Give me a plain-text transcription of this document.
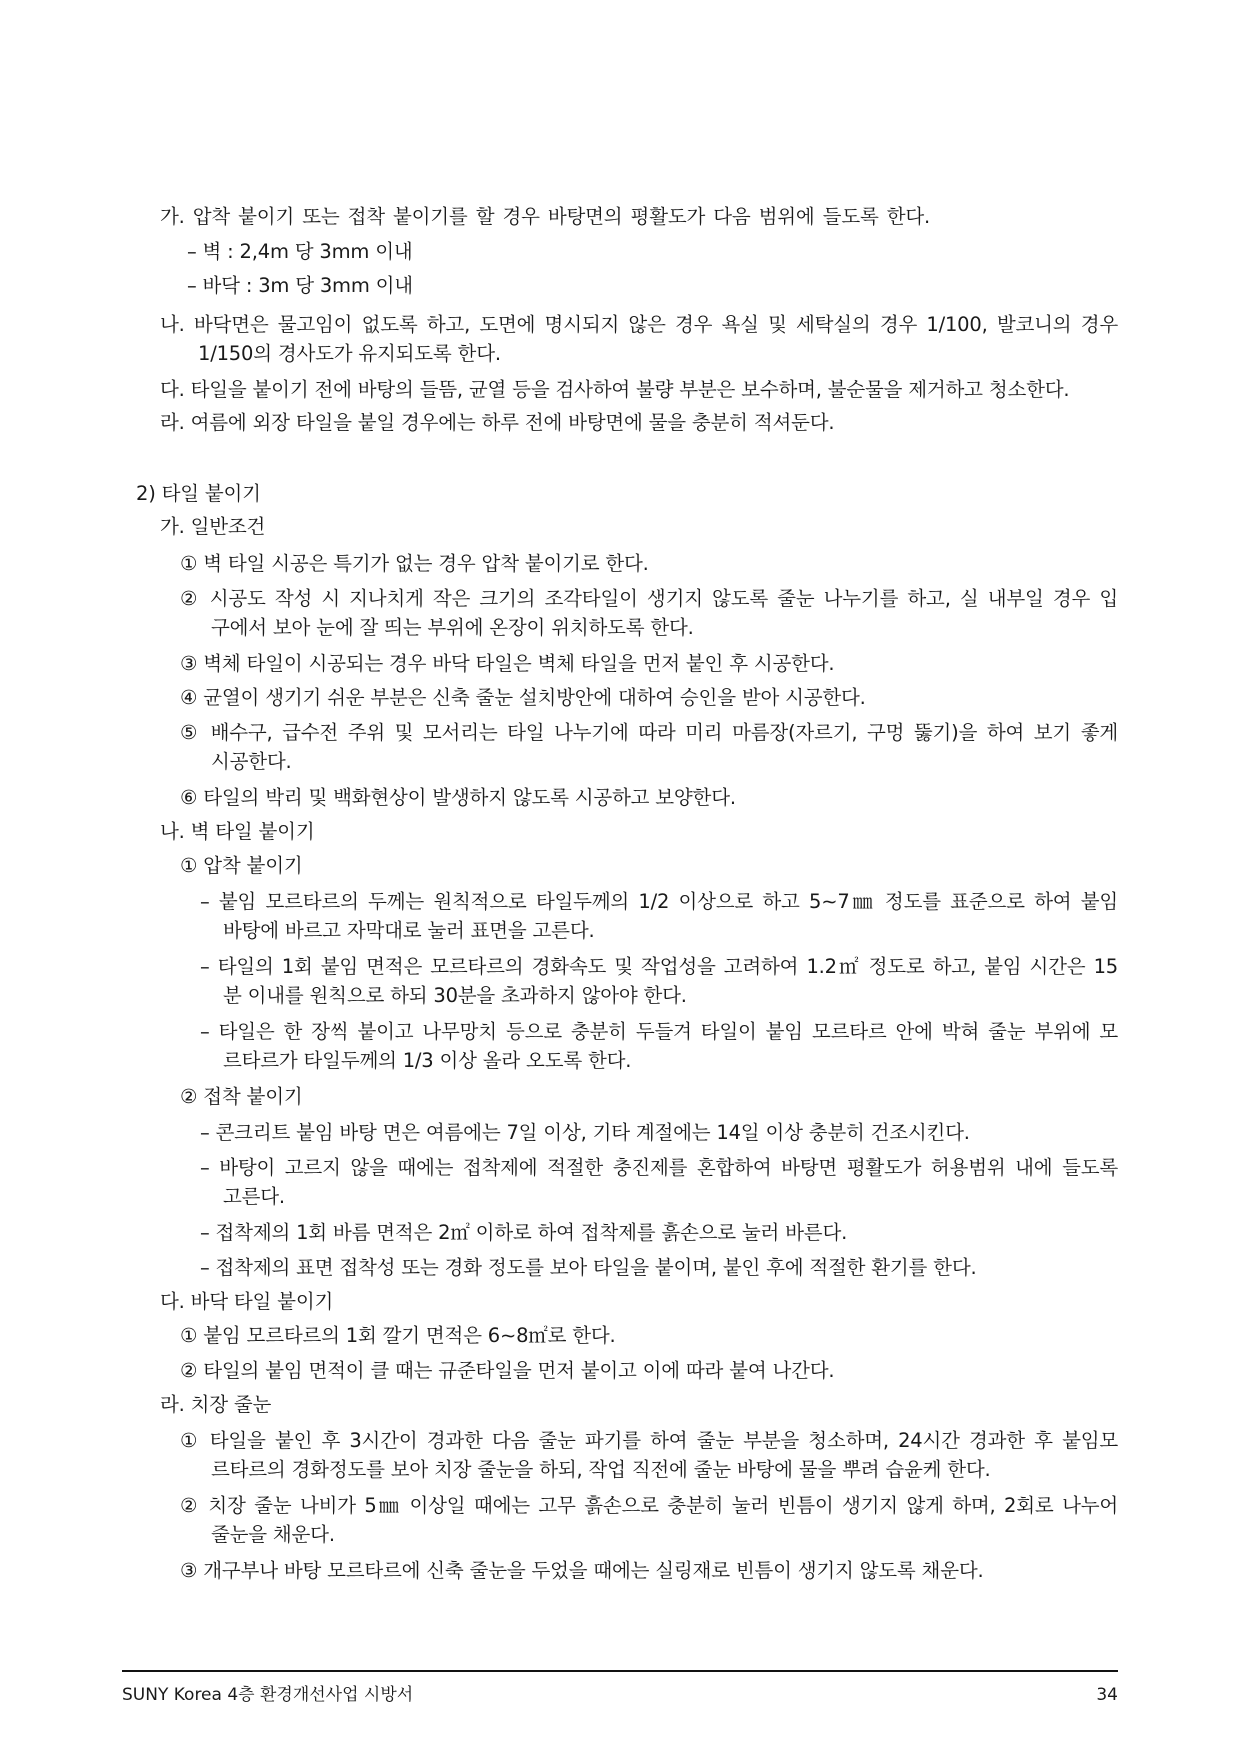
가. 압착 붙이기 또는 접착 붙이기를 할 경우 바탕면의 평활도가 다음 범위에 들도록 한다.
– 벽 : 2,4m 당 3mm 이내
– 바닥 : 3m 당 3mm 이내
나. 바닥면은 물고임이 없도록 하고, 도면에 명시되지 않은 경우 욕실 및 세탁실의 경우 1/100, 발코니의 경우
1/150의 경사도가 유지되도록 한다.
다. 타일을 붙이기 전에 바탕의 들뜸, 균열 등을 검사하여 불량 부분은 보수하며, 불순물을 제거하고 청소한다.
라. 여름에 외장 타일을 붙일 경우에는 하루 전에 바탕면에 물을 충분히 적셔둔다.
2) 타일 붙이기
가. 일반조건
① 벽 타일 시공은 특기가 없는 경우 압착 붙이기로 한다.
② 시공도 작성 시 지나치게 작은 크기의 조각타일이 생기지 않도록 줄눈 나누기를 하고, 실 내부일 경우 입
구에서 보아 눈에 잘 띄는 부위에 온장이 위치하도록 한다.
③ 벽체 타일이 시공되는 경우 바닥 타일은 벽체 타일을 먼저 붙인 후 시공한다.
④ 균열이 생기기 쉬운 부분은 신축 줄눈 설치방안에 대하여 승인을 받아 시공한다.
⑤ 배수구, 급수전 주위 및 모서리는 타일 나누기에 따라 미리 마름장(자르기, 구멍 뚫기)을 하여 보기 좋게
시공한다.
⑥ 타일의 박리 및 백화현상이 발생하지 않도록 시공하고 보양한다.
나. 벽 타일 붙이기
① 압착 붙이기
– 붙임 모르타르의 두께는 원칙적으로 타일두께의 1/2 이상으로 하고 5∼7㎜ 정도를 표준으로 하여 붙임
바탕에 바르고 자막대로 눌러 표면을 고른다.
– 타일의 1회 붙임 면적은 모르타르의 경화속도 및 작업성을 고려하여 1.2㎡ 정도로 하고, 붙임 시간은 15
분 이내를 원칙으로 하되 30분을 초과하지 않아야 한다.
– 타일은 한 장씩 붙이고 나무망치 등으로 충분히 두들겨 타일이 붙임 모르타르 안에 박혀 줄눈 부위에 모
르타르가 타일두께의 1/3 이상 올라 오도록 한다.
② 접착 붙이기
– 콘크리트 붙임 바탕 면은 여름에는 7일 이상, 기타 계절에는 14일 이상 충분히 건조시킨다.
– 바탕이 고르지 않을 때에는 접착제에 적절한 충진제를 혼합하여 바탕면 평활도가 허용범위 내에 들도록
고른다.
– 접착제의 1회 바름 면적은 2㎡ 이하로 하여 접착제를 흙손으로 눌러 바른다.
– 접착제의 표면 접착성 또는 경화 정도를 보아 타일을 붙이며, 붙인 후에 적절한 환기를 한다.
다. 바닥 타일 붙이기
① 붙임 모르타르의 1회 깔기 면적은 6∼8㎡로 한다.
② 타일의 붙임 면적이 클 때는 규준타일을 먼저 붙이고 이에 따라 붙여 나간다.
라. 치장 줄눈
① 타일을 붙인 후 3시간이 경과한 다음 줄눈 파기를 하여 줄눈 부분을 청소하며, 24시간 경과한 후 붙임모
르타르의 경화정도를 보아 치장 줄눈을 하되, 작업 직전에 줄눈 바탕에 물을 뿌려 습윤케 한다.
② 치장 줄눈 나비가 5㎜ 이상일 때에는 고무 흙손으로 충분히 눌러 빈틈이 생기지 않게 하며, 2회로 나누어
줄눈을 채운다.
③ 개구부나 바탕 모르타르에 신축 줄눈을 두었을 때에는 실링재로 빈틈이 생기지 않도록 채운다.
SUNY Korea 4층 환경개선사업 시방서	34
